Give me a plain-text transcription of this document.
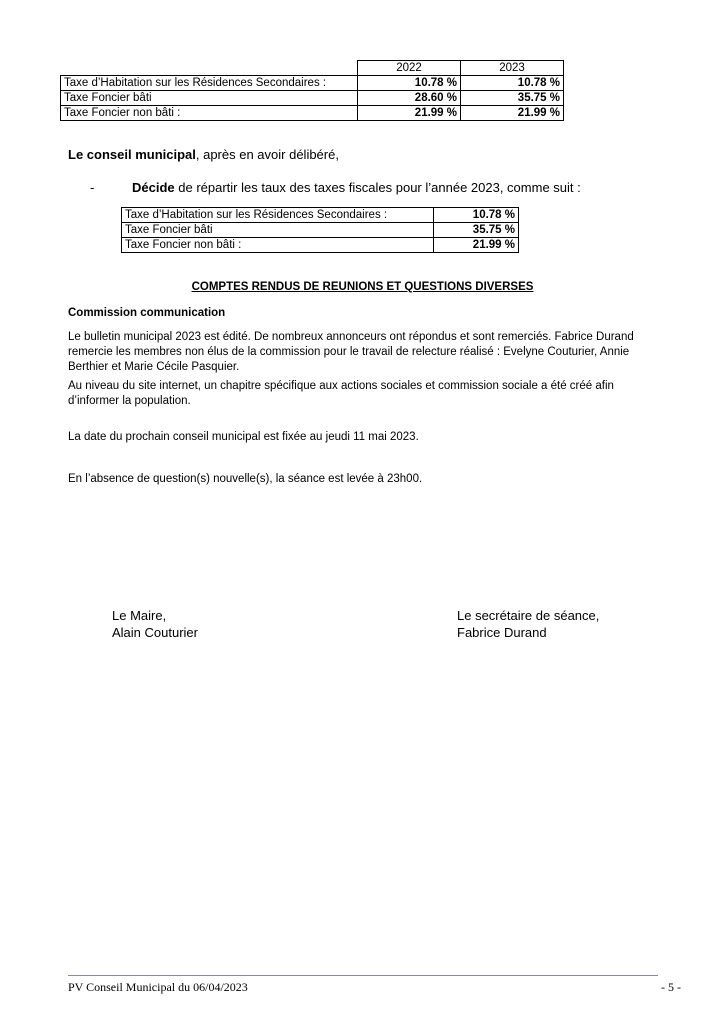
	2022	2023
Taxe d’Habitation sur les Résidences Secondaires :	10.78 %	10.78 %
Taxe Foncier bâti	28.60 %	35.75 %
Taxe Foncier non bâti :	21.99 %	21.99 %
Le conseil municipal, après en avoir délibéré,
-	Décide de répartir les taux des taxes fiscales pour l’année 2023, comme suit :
Taxe d’Habitation sur les Résidences Secondaires :	10.78 %
Taxe Foncier bâti	35.75 %
Taxe Foncier non bâti :	21.99 %
COMPTES RENDUS DE REUNIONS ET QUESTIONS DIVERSES
Commission communication
Le bulletin municipal 2023 est édité. De nombreux annonceurs ont répondus et sont remerciés. Fabrice Durand remercie les membres non élus de la commission pour le travail de relecture réalisé : Evelyne Couturier, Annie Berthier et Marie Cécile Pasquier.
Au niveau du site internet, un chapitre spécifique aux actions sociales et commission sociale a été créé afin d’informer la population.
La date du prochain conseil municipal est fixée au jeudi 11 mai 2023.
En l’absence de question(s) nouvelle(s), la séance est levée à 23h00.
Le Maire,
Alain Couturier
Le secrétaire de séance,
Fabrice Durand
PV Conseil Municipal du 06/04/2023	- 5 -
